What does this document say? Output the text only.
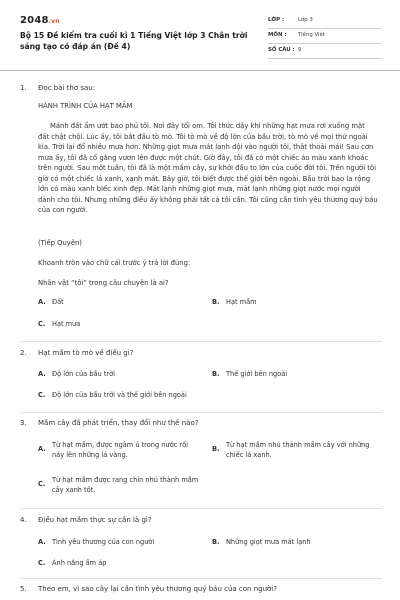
2048.vn
Bộ 15 Đề kiểm tra cuối kì 1 Tiếng Việt lớp 3 Chân trời sáng tạo có đáp án (Đề 4)
LỚP :	Lớp 3
MÔN :	Tiếng Việt
SỐ CÂU : 9
1.	Đọc bài thơ sau:
HÀNH TRÌNH CỦA HẠT MẦM
Mảnh đất ẩm ướt bao phủ tôi. Nơi đây tối om. Tôi thức dậy khi những hạt mưa rơi xuống mặt đất chật chội. Lúc ấy, tôi bắt đầu tò mò. Tôi tò mò về độ lớn của bầu trời, tò mò về mọi thứ ngoài kia. Trời lại đổ nhiều mưa hơn. Những giọt mưa mát lạnh dội vào người tôi, thật thoải mái! Sau cơn mưa ấy, tôi đã cố gắng vươn lên được một chút. Giờ đây, tôi đã có một chiếc áo màu xanh khoác trên người. Sau một tuần, tôi đã là một mầm cây, sự khởi đầu to lớn của cuộc đời tôi. Trên người tôi giờ có một chiếc lá xanh, xanh mát. Bây giờ, tôi biết được thế giới bên ngoài. Bầu trời bao la rộng lớn có màu xanh biếc xinh đẹp. Mát lạnh những giọt mưa, mát lạnh những giọt nước mọi người dành cho tôi. Nhưng những điều ấy không phải tất cả tôi cần. Tôi cũng cần tình yêu thương quý báu của con người.
(Tiếp Quyên)
Khoanh tròn vào chữ cái trước ý trả lời đúng:
Nhân vật “tôi” trong câu chuyện là ai?
A. Đất	B. Hạt mầm
C.	Hạt mưa
2.	Hạt mầm tò mò về điều gì?
A. Độ lớn của bầu trời	B. Thế giới bên ngoài
C.	Độ lớn của bầu trời và thế giới bên ngoài
3.	Mầm cây đã phát triển, thay đổi như thế nào?
A. Từ hạt mầm, được ngâm ủ trong nước rồi nảy lên những lá vàng.
B. Từ hạt mầm nhú thành mầm cây với những chiếc lá xanh.
C.	Từ hạt mầm được rang chín nhú thành mầm cây xanh tốt.
4.	Điều hạt mầm thực sự cần là gì?
A. Tình yêu thương của con người	B. Những giọt mưa mát lạnh
C.	Ánh nắng ấm áp
5.	Theo em, vì sao cây lại cần tình yêu thương quý báu của con người?
